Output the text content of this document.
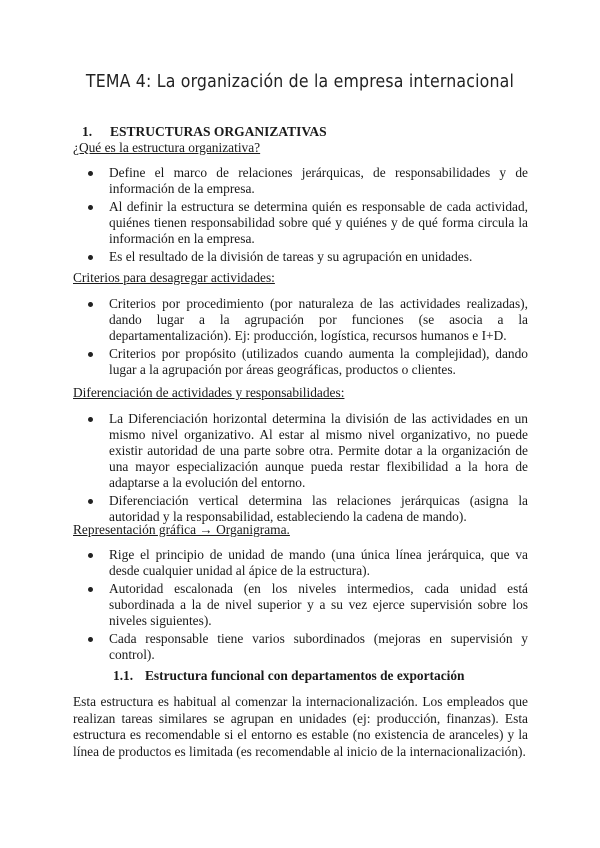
TEMA 4: La organización de la empresa internacional
1. ESTRUCTURAS ORGANIZATIVAS
¿Qué es la estructura organizativa?
Define el marco de relaciones jerárquicas, de responsabilidades y de información de la empresa.
Al definir la estructura se determina quién es responsable de cada actividad, quiénes tienen responsabilidad sobre qué y quiénes y de qué forma circula la información en la empresa.
Es el resultado de la división de tareas y su agrupación en unidades.
Criterios para desagregar actividades:
Criterios por procedimiento (por naturaleza de las actividades realizadas), dando lugar a la agrupación por funciones (se asocia a la departamentalización). Ej: producción, logística, recursos humanos e I+D.
Criterios por propósito (utilizados cuando aumenta la complejidad), dando lugar a la agrupación por áreas geográficas, productos o clientes.
Diferenciación de actividades y responsabilidades:
La Diferenciación horizontal determina la división de las actividades en un mismo nivel organizativo. Al estar al mismo nivel organizativo, no puede existir autoridad de una parte sobre otra. Permite dotar a la organización de una mayor especialización aunque pueda restar flexibilidad a la hora de adaptarse a la evolución del entorno.
Diferenciación vertical determina las relaciones jerárquicas (asigna la autoridad y la responsabilidad, estableciendo la cadena de mando).
Representación gráfica → Organigrama.
Rige el principio de unidad de mando (una única línea jerárquica, que va desde cualquier unidad al ápice de la estructura).
Autoridad escalonada (en los niveles intermedios, cada unidad está subordinada a la de nivel superior y a su vez ejerce supervisión sobre los niveles siguientes).
Cada responsable tiene varios subordinados (mejoras en supervisión y control).
1.1. Estructura funcional con departamentos de exportación
Esta estructura es habitual al comenzar la internacionalización. Los empleados que realizan tareas similares se agrupan en unidades (ej: producción, finanzas). Esta estructura es recomendable si el entorno es estable (no existencia de aranceles) y la línea de productos es limitada (es recomendable al inicio de la internacionalización).
